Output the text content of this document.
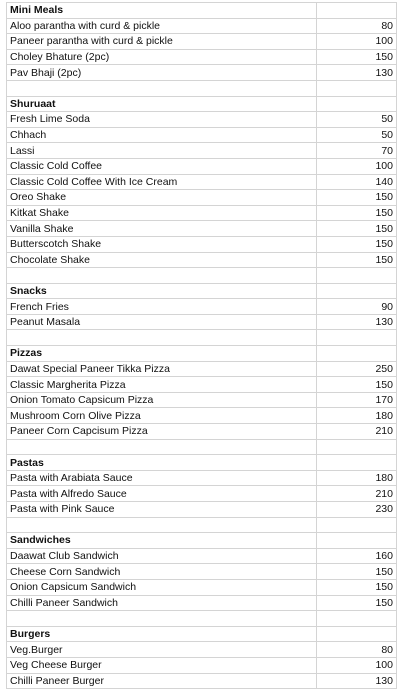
Mini Meals	
Aloo parantha with curd & pickle	80
Paneer parantha with curd & pickle	100
Choley Bhature (2pc)	150
Pav Bhaji (2pc)	130

Shuruaat	
Fresh Lime Soda	50
Chhach	50
Lassi	70
Classic Cold Coffee	100
Classic Cold Coffee With Ice Cream	140
Oreo Shake	150
Kitkat Shake	150
Vanilla Shake	150
Butterscotch Shake	150
Chocolate Shake	150

Snacks	
French Fries	90
Peanut Masala	130

Pizzas	
Dawat Special Paneer Tikka Pizza	250
Classic Margherita Pizza	150
Onion Tomato Capsicum Pizza	170
Mushroom Corn Olive Pizza	180
Paneer Corn Capcisum Pizza	210

Pastas	
Pasta with Arabiata Sauce	180
Pasta with Alfredo Sauce	210
Pasta with Pink Sauce	230

Sandwiches	
Daawat Club Sandwich	160
Cheese Corn Sandwich	150
Onion Capsicum Sandwich	150
Chilli Paneer Sandwich	150

Burgers	
Veg.Burger	80
Veg Cheese Burger	100
Chilli Paneer Burger	130
